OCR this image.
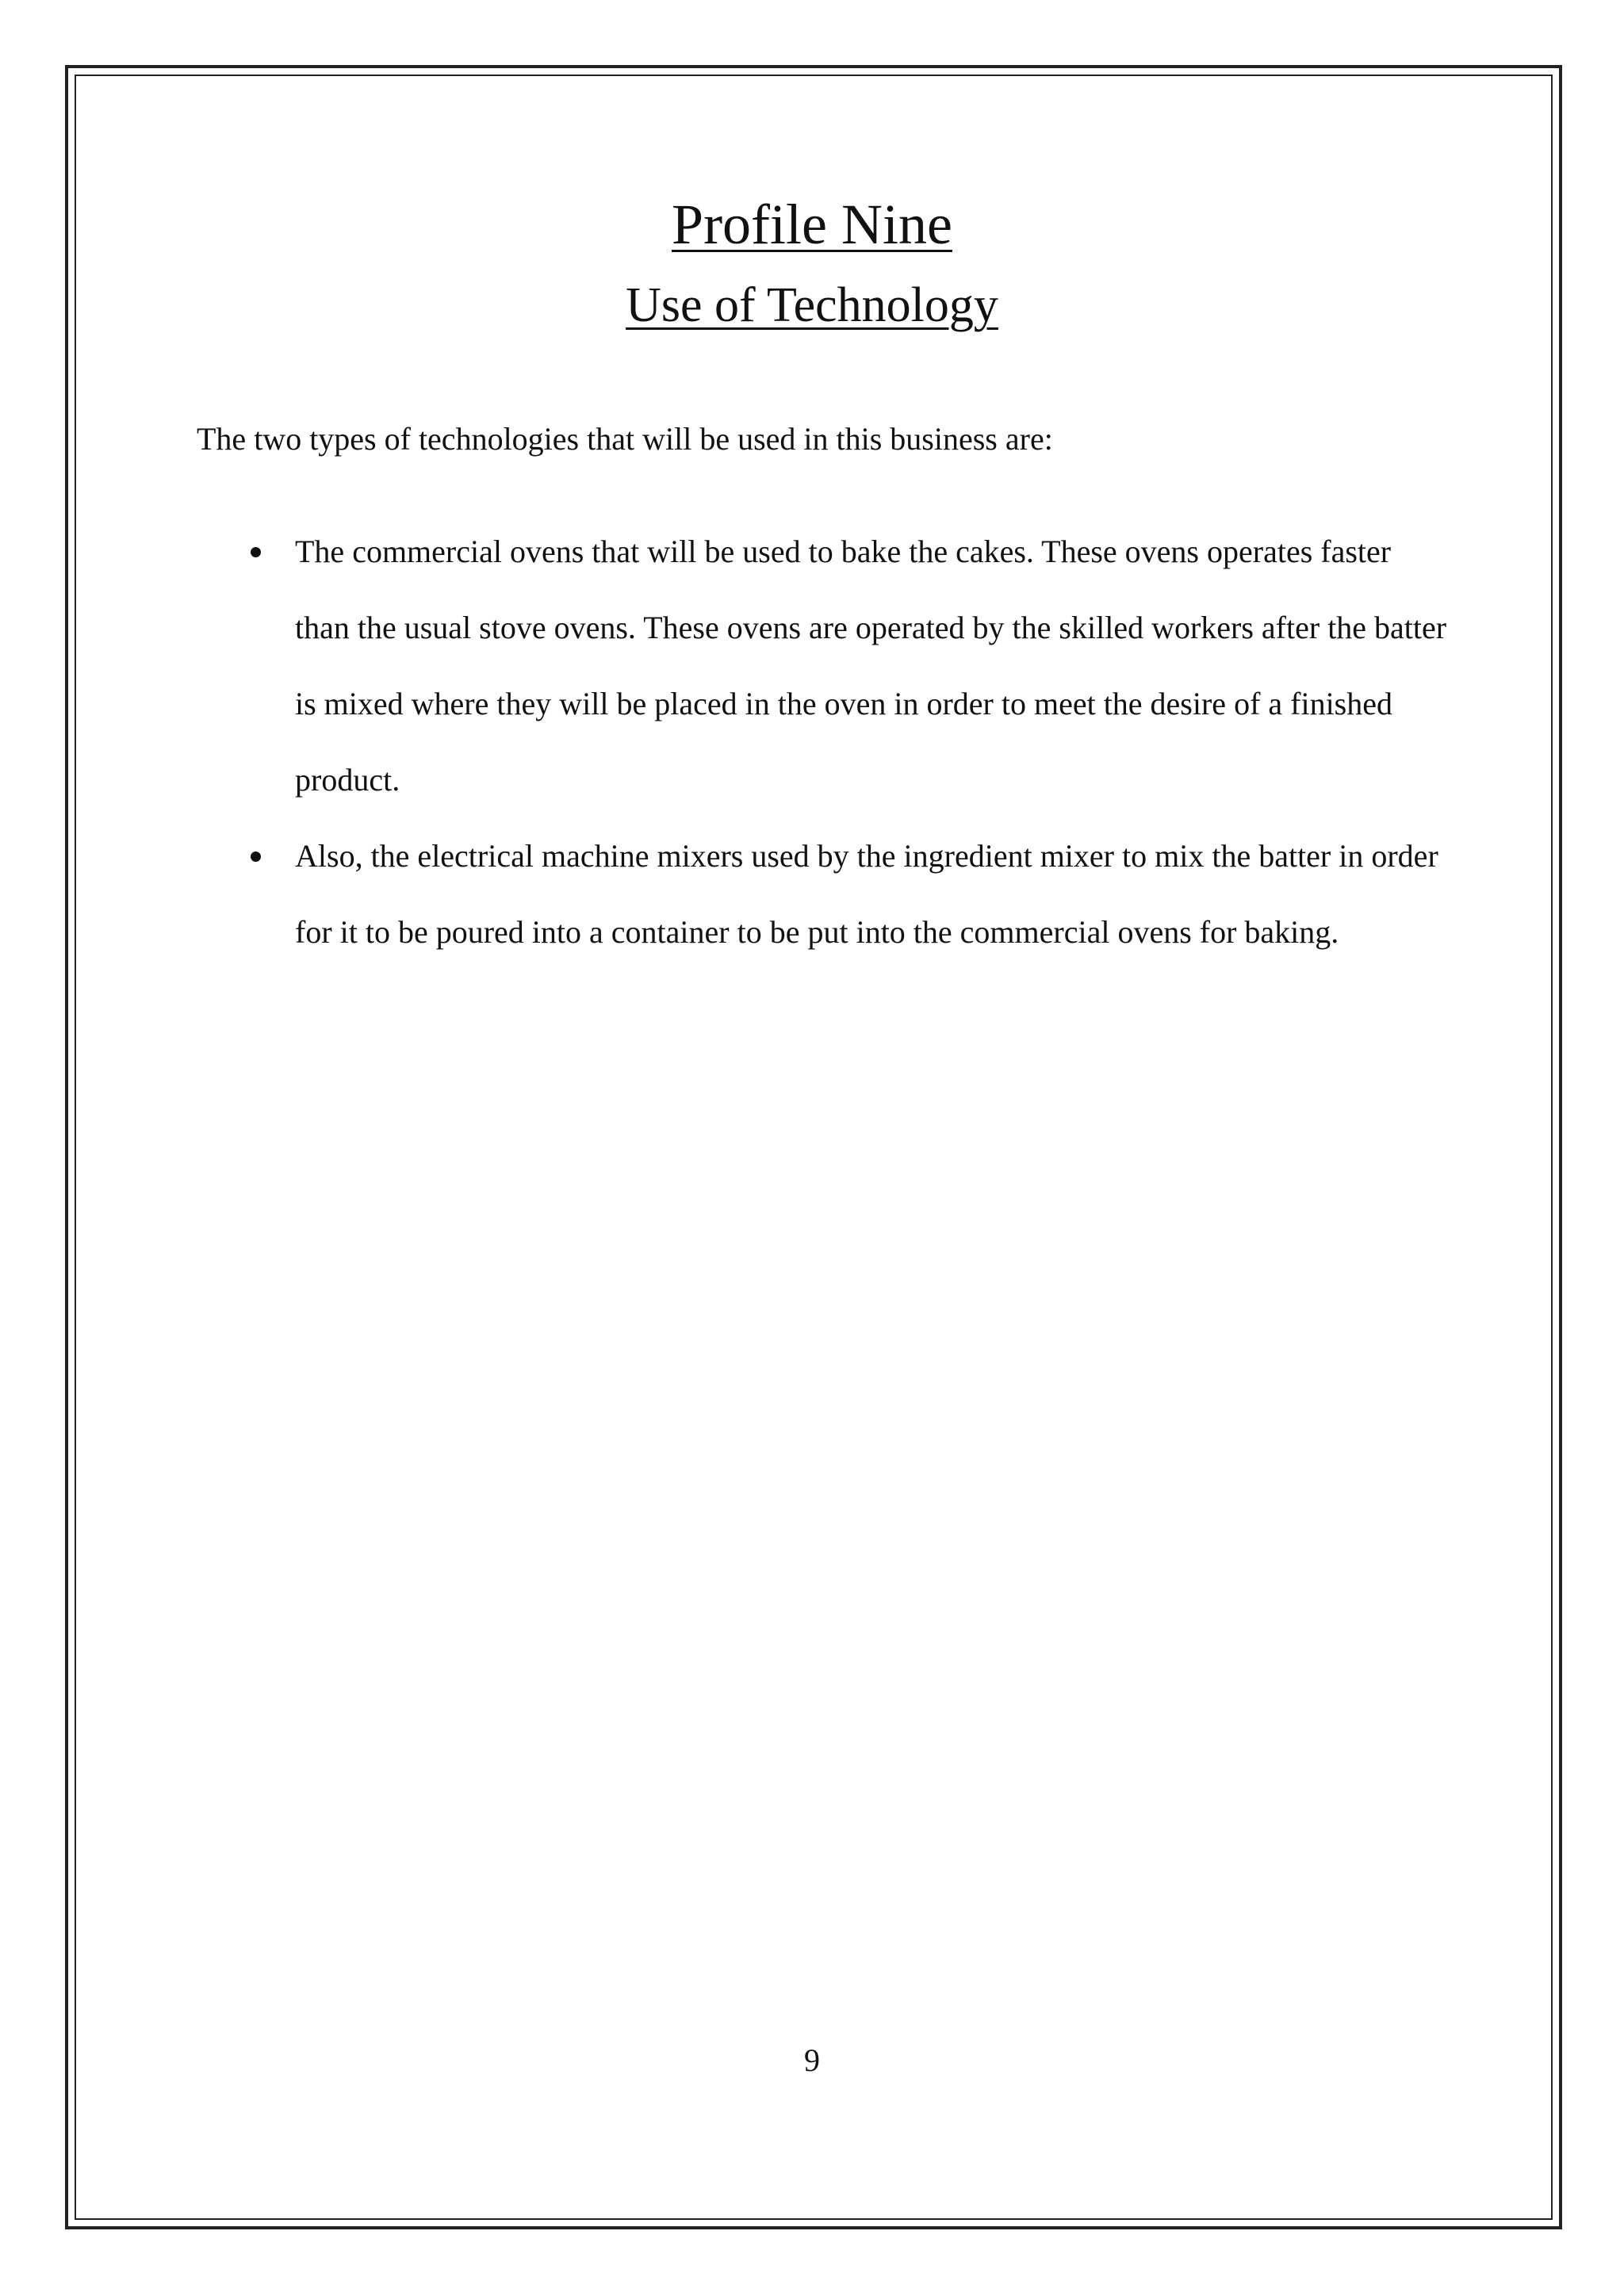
Profile Nine
Use of Technology

The two types of technologies that will be used in this business are:

The commercial ovens that will be used to bake the cakes. These ovens operates faster than the usual stove ovens. These ovens are operated by the skilled workers after the batter is mixed where they will be placed in the oven in order to meet the desire of a finished product.
Also, the electrical machine mixers used by the ingredient mixer to mix the batter in order for it to be poured into a container to be put into the commercial ovens for baking.
9
